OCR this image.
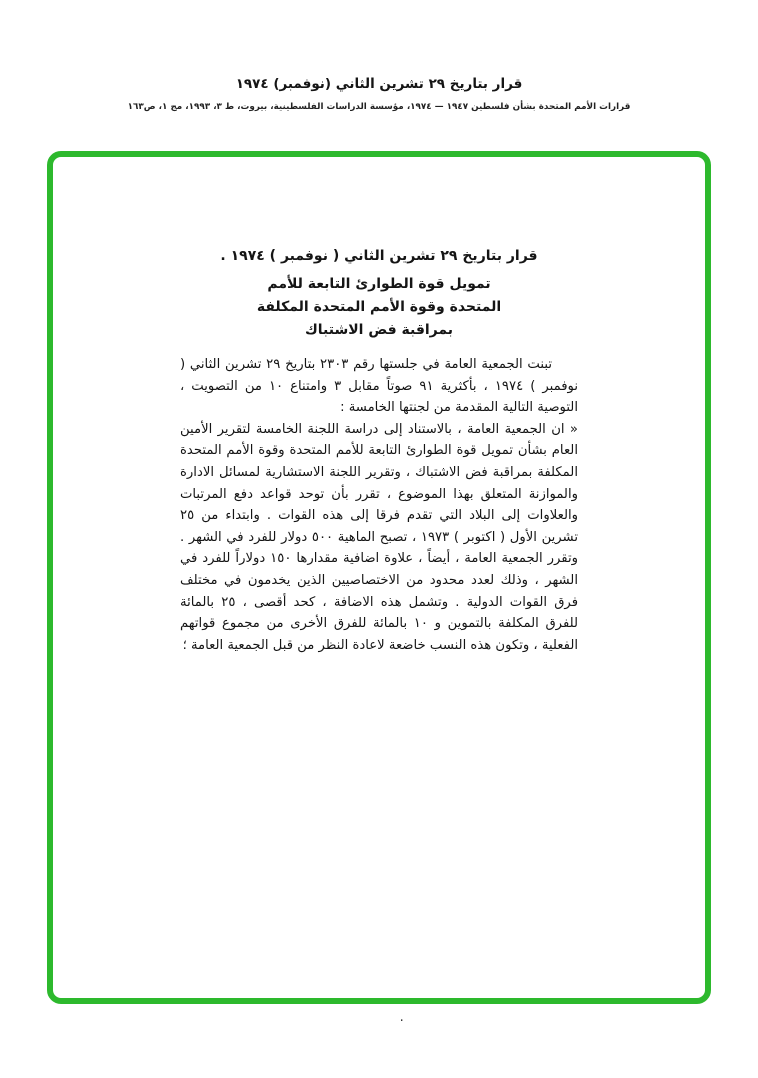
قرار بتاريخ ٢٩ تشرين الثاني (نوفمبر) ١٩٧٤
قرارات الأمم المتحدة بشأن فلسطين ١٩٤٧ — ١٩٧٤، مؤسسة الدراسات الفلسطينية، بيروت، ط ٣، ١٩٩٣، مج ١، ص١٦٣
قرار بتاريخ ٢٩ تشرين الثاني ( نوفمبر ) ١٩٧٤ .
تمويل قوة الطوارئ التابعة للأمم
المتحدة وقوة الأمم المتحدة المكلفة
بمراقبة فض الاشتباك

تبنت الجمعية العامة في جلستها رقم ٢٣٠٣ بتاريخ ٢٩ تشرين الثاني ( نوفمبر ) ١٩٧٤ ، بأكثرية ٩١ صوتاً مقابل ٣ وامتناع ١٠ من التصويت ، التوصية التالية المقدمة من لجنتها الخامسة :

« ان الجمعية العامة ، بالاستناد إلى دراسة اللجنة الخامسة لتقرير الأمين العام بشأن تمويل قوة الطوارئ التابعة للأمم المتحدة وقوة الأمم المتحدة المكلفة بمراقبة فض الاشتباك ، وتقرير اللجنة الاستشارية لمسائل الادارة والموازنة المتعلق بهذا الموضوع ، تقرر بأن توحد قواعد دفع المرتبات والعلاوات إلى البلاد التي تقدم فرقا إلى هذه القوات . وابتداء من ٢٥ تشرين الأول ( اكتوبر ) ١٩٧٣ ، تصبح الماهية ٥٠٠ دولار للفرد في الشهر . وتقرر الجمعية العامة ، أيضاً ، علاوة اضافية مقدارها ١٥٠ دولاراً للفرد في الشهر ، وذلك لعدد محدود من الاختصاصيين الذين يخدمون في مختلف فرق القوات الدولية . وتشمل هذه الاضافة ، كحد أقصى ، ٢٥ بالمائة للفرق المكلفة بالتموين و ١٠ بالمائة للفرق الأخرى من مجموع قواتهم الفعلية ، وتكون هذه النسب خاضعة لاعادة النظر من قبل الجمعية العامة ؛

.
